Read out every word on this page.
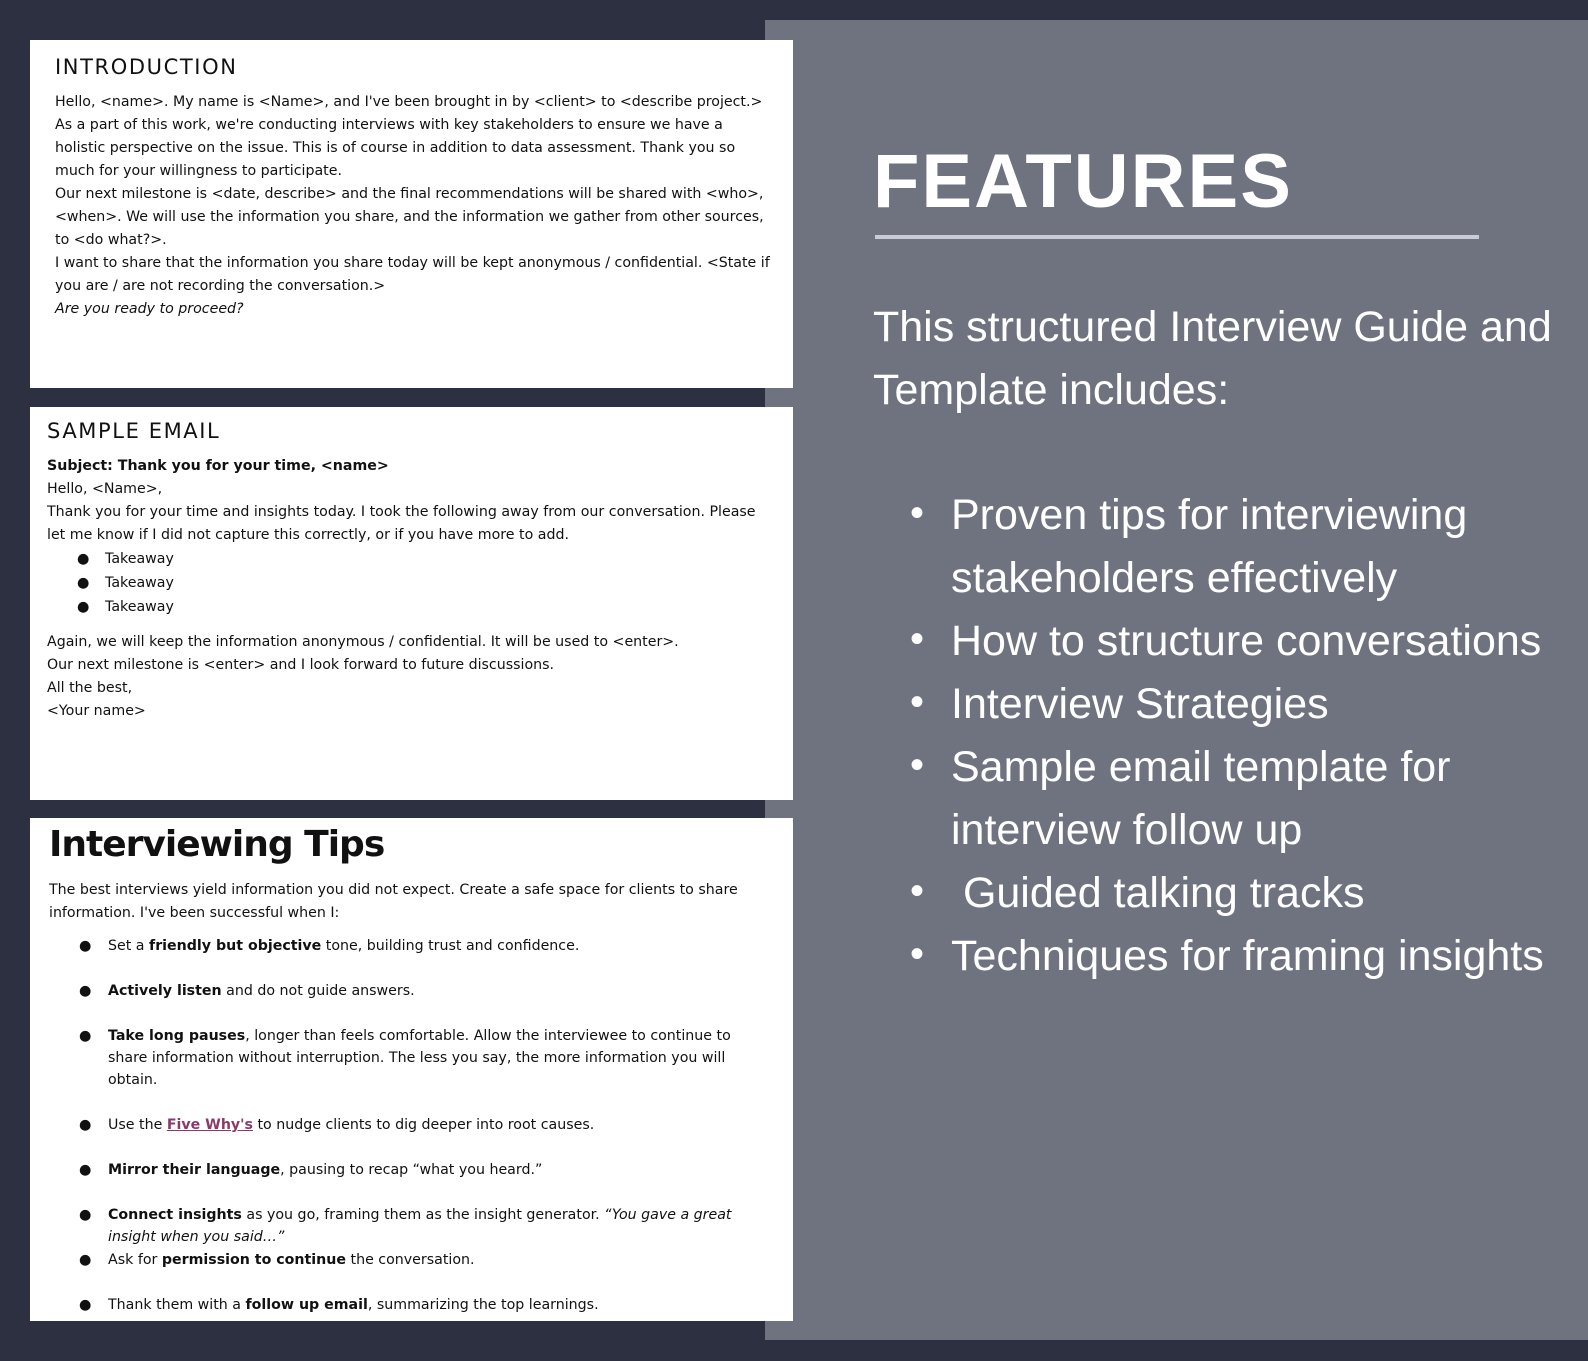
INTRODUCTION

Hello, <name>. My name is <Name>, and I've been brought in by <client> to <describe project.>

As a part of this work, we're conducting interviews with key stakeholders to ensure we have a holistic perspective on the issue. This is of course in addition to data assessment. Thank you so much for your willingness to participate.

Our next milestone is <date, describe> and the final recommendations will be shared with <who>, <when>. We will use the information you share, and the information we gather from other sources, to <do what?>.

I want to share that the information you share today will be kept anonymous / confidential. <State if you are / are not recording the conversation.>

Are you ready to proceed?

SAMPLE EMAIL

Subject: Thank you for your time, <name>

Hello, <Name>,

Thank you for your time and insights today. I took the following away from our conversation. Please let me know if I did not capture this correctly, or if you have more to add.

● Takeaway
● Takeaway
● Takeaway

Again, we will keep the information anonymous / confidential. It will be used to <enter>.

Our next milestone is <enter> and I look forward to future discussions.

All the best,

<Your name>

Interviewing Tips

The best interviews yield information you did not expect. Create a safe space for clients to share information. I've been successful when I:

● Set a friendly but objective tone, building trust and confidence.
● Actively listen and do not guide answers.
● Take long pauses, longer than feels comfortable. Allow the interviewee to continue to share information without interruption. The less you say, the more information you will obtain.
● Use the Five Why's to nudge clients to dig deeper into root causes.
● Mirror their language, pausing to recap “what you heard.”
● Connect insights as you go, framing them as the insight generator. “You gave a great insight when you said…”
● Ask for permission to continue the conversation.
● Thank them with a follow up email, summarizing the top learnings.
FEATURES

This structured Interview Guide and Template includes:

• Proven tips for interviewing stakeholders effectively
• How to structure conversations
• Interview Strategies
• Sample email template for interview follow up
• Guided talking tracks
• Techniques for framing insights
